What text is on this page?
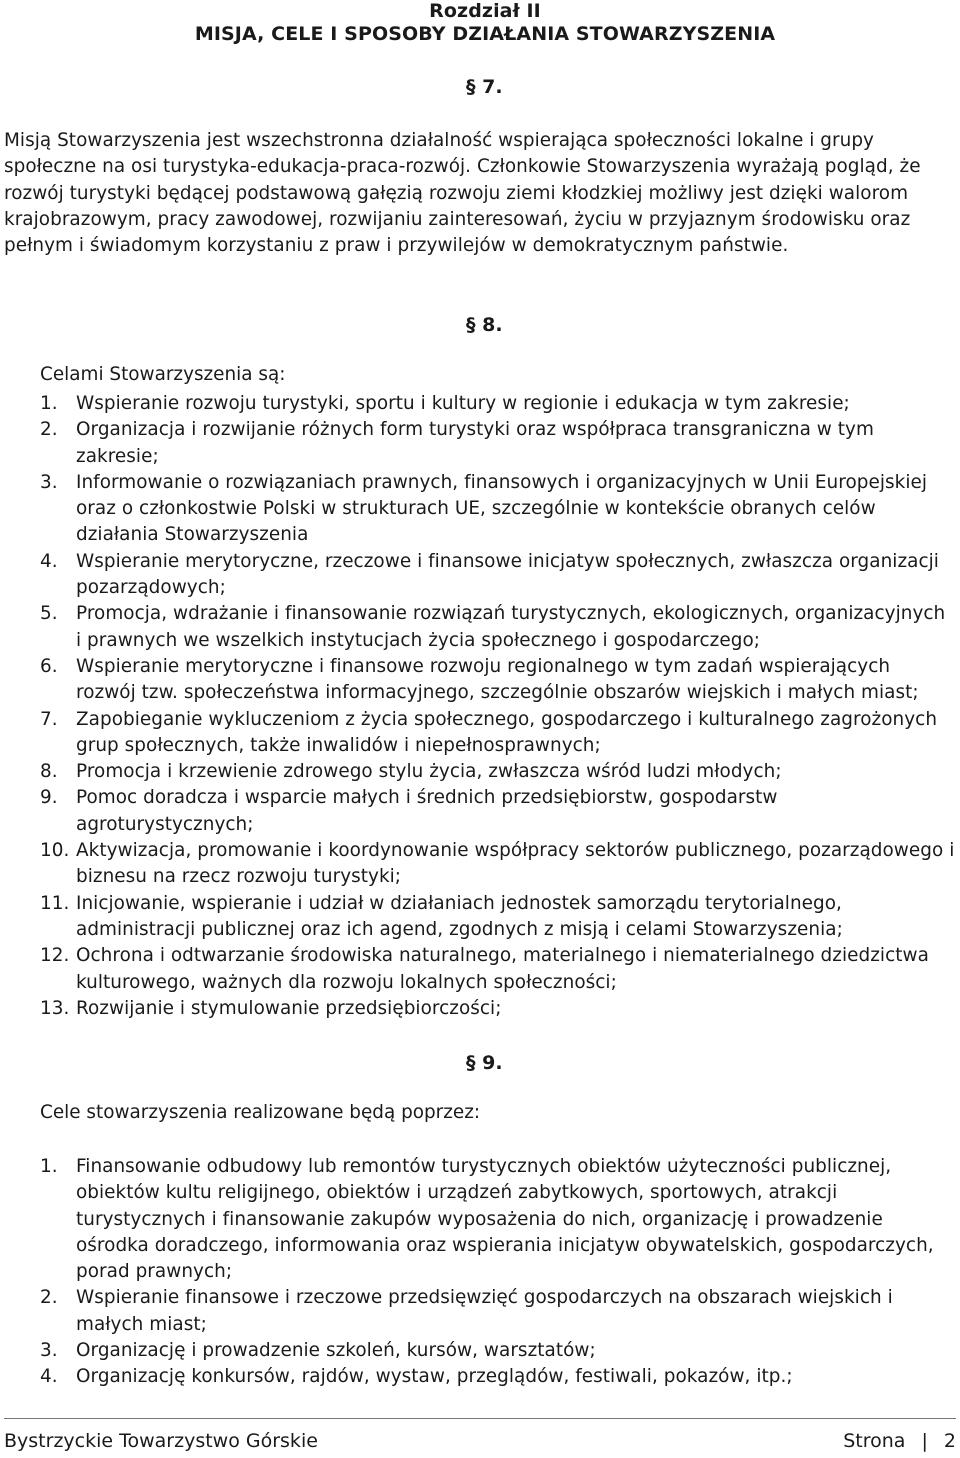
Rozdział II
MISJA, CELE I SPOSOBY DZIAŁANIA STOWARZYSZENIA
§ 7.
Misją Stowarzyszenia jest wszechstronna działalność wspierająca społeczności lokalne i grupy społeczne na osi turystyka-edukacja-praca-rozwój. Członkowie Stowarzyszenia wyrażają pogląd, że rozwój turystyki będącej podstawową gałęzią rozwoju ziemi kłodzkiej możliwy jest dzięki walorom krajobrazowym, pracy zawodowej, rozwijaniu zainteresowań, życiu w przyjaznym środowisku oraz pełnym i świadomym korzystaniu z praw i przywilejów w demokratycznym państwie.
§ 8.
Celami Stowarzyszenia są:
1. Wspieranie rozwoju turystyki, sportu i kultury w regionie i edukacja w tym zakresie;
2. Organizacja i rozwijanie różnych form turystyki oraz współpraca transgraniczna w tym zakresie;
3. Informowanie o rozwiązaniach prawnych, finansowych i organizacyjnych w Unii Europejskiej oraz o członkostwie Polski w strukturach UE, szczególnie w kontekście obranych celów działania Stowarzyszenia
4. Wspieranie merytoryczne, rzeczowe i finansowe inicjatyw społecznych, zwłaszcza organizacji pozarządowych;
5. Promocja, wdrażanie i finansowanie rozwiązań turystycznych, ekologicznych, organizacyjnych i prawnych we wszelkich instytucjach życia społecznego i gospodarczego;
6. Wspieranie merytoryczne i finansowe rozwoju regionalnego w tym zadań wspierających rozwój tzw. społeczeństwa informacyjnego, szczególnie obszarów wiejskich i małych miast;
7. Zapobieganie wykluczeniom z życia społecznego, gospodarczego i kulturalnego zagrożonych grup społecznych, także inwalidów i niepełnosprawnych;
8. Promocja i krzewienie zdrowego stylu życia, zwłaszcza wśród ludzi młodych;
9. Pomoc doradcza i wsparcie małych i średnich przedsiębiorstw, gospodarstw agroturystycznych;
10. Aktywizacja, promowanie i koordynowanie współpracy sektorów publicznego, pozarządowego i biznesu na rzecz rozwoju turystyki;
11. Inicjowanie, wspieranie i udział w działaniach jednostek samorządu terytorialnego, administracji publicznej oraz ich agend, zgodnych z misją i celami Stowarzyszenia;
12. Ochrona i odtwarzanie środowiska naturalnego, materialnego i niematerialnego dziedzictwa kulturowego, ważnych dla rozwoju lokalnych społeczności;
13. Rozwijanie i stymulowanie przedsiębiorczości;
§ 9.
Cele stowarzyszenia realizowane będą poprzez:
1. Finansowanie odbudowy lub remontów turystycznych obiektów użyteczności publicznej, obiektów kultu religijnego, obiektów i urządzeń zabytkowych, sportowych, atrakcji turystycznych i finansowanie zakupów wyposażenia do nich, organizację i prowadzenie ośrodka doradczego, informowania oraz wspierania inicjatyw obywatelskich, gospodarczych, porad prawnych;
2. Wspieranie finansowe i rzeczowe przedsięwzięć gospodarczych na obszarach wiejskich i małych miast;
3. Organizację i prowadzenie szkoleń, kursów, warsztatów;
4. Organizację konkursów, rajdów, wystaw, przeglądów, festiwali, pokazów, itp.;
Bystrzyckie Towarzystwo Górskie	Strona | 2
